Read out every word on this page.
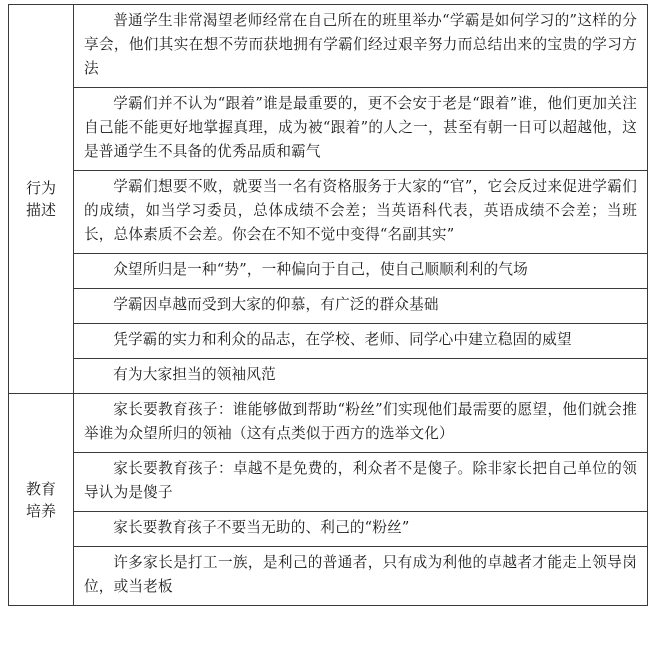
行为描述	普通学生非常渴望老师经常在自己所在的班里举办“学霸是如何学习的”这样的分享会，他们其实在想不劳而获地拥有学霸们经过艰辛努力而总结出来的宝贵的学习方法
	学霸们并不认为“跟着”谁是最重要的，更不会安于老是“跟着”谁，他们更加关注自己能不能更好地掌握真理，成为被“跟着”的人之一，甚至有朝一日可以超越他，这是普通学生不具备的优秀品质和霸气
	学霸们想要不败，就要当一名有资格服务于大家的“官”，它会反过来促进学霸们的成绩，如当学习委员，总体成绩不会差；当英语科代表，英语成绩不会差；当班长，总体素质不会差。你会在不知不觉中变得“名副其实”
	众望所归是一种“势”，一种偏向于自己，使自己顺顺利利的气场
	学霸因卓越而受到大家的仰慕，有广泛的群众基础
	凭学霸的实力和利众的品志，在学校、老师、同学心中建立稳固的威望
	有为大家担当的领袖风范
教育培养	家长要教育孩子：谁能够做到帮助“粉丝”们实现他们最需要的愿望，他们就会推举谁为众望所归的领袖（这有点类似于西方的选举文化）
	家长要教育孩子：卓越不是免费的，利众者不是傻子。除非家长把自己单位的领导认为是傻子
	家长要教育孩子不要当无助的、利己的“粉丝”
	许多家长是打工一族，是利己的普通者，只有成为利他的卓越者才能走上领导岗位，或当老板
